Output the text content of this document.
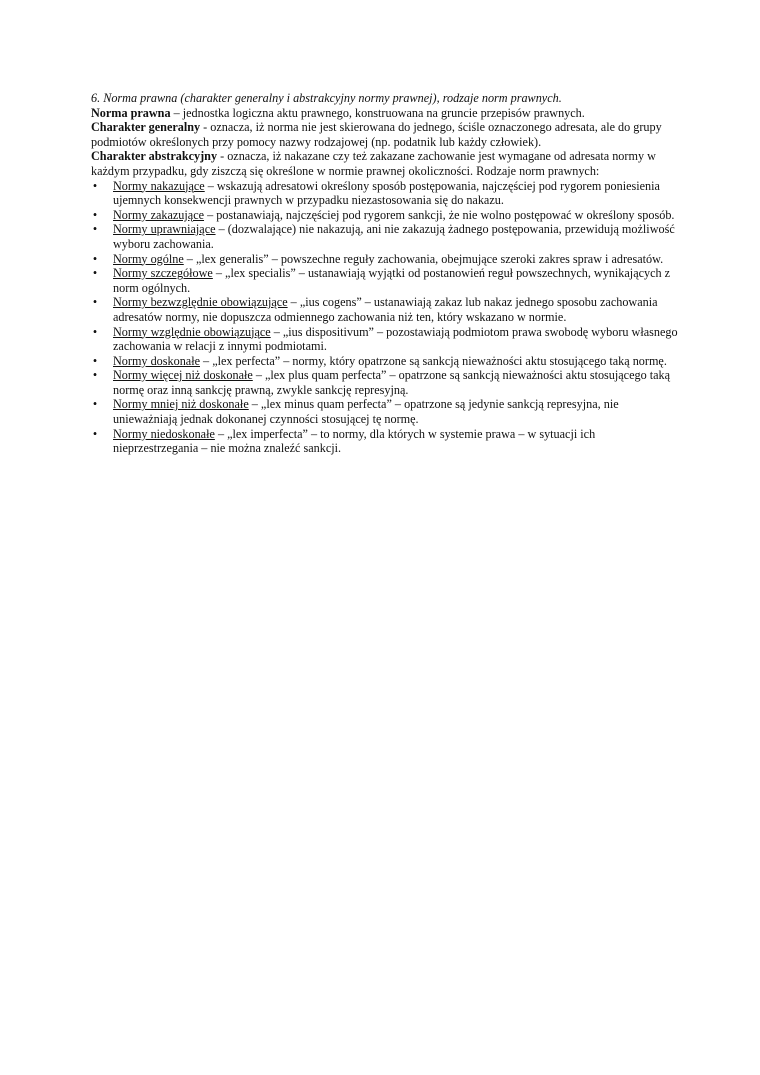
6. Norma prawna (charakter generalny i abstrakcyjny normy prawnej), rodzaje norm prawnych.

Norma prawna – jednostka logiczna aktu prawnego, konstruowana na gruncie przepisów prawnych.

Charakter generalny - oznacza, iż norma nie jest skierowana do jednego, ściśle oznaczonego adresata, ale do grupy podmiotów określonych przy pomocy nazwy rodzajowej (np. podatnik lub każdy człowiek).

Charakter abstrakcyjny - oznacza, iż nakazane czy też zakazane zachowanie jest wymagane od adresata normy w każdym przypadku, gdy ziszczą się określone w normie prawnej okoliczności. Rodzaje norm prawnych:

• Normy nakazujące – wskazują adresatowi określony sposób postępowania, najczęściej pod rygorem poniesienia ujemnych konsekwencji prawnych w przypadku niezastosowania się do nakazu.
• Normy zakazujące – postanawiają, najczęściej pod rygorem sankcji, że nie wolno postępować w określony sposób.
• Normy uprawniające – (dozwalające) nie nakazują, ani nie zakazują żadnego postępowania, przewidują możliwość wyboru zachowania.
• Normy ogólne – „lex generalis” – powszechne reguły zachowania, obejmujące szeroki zakres spraw i adresatów.
• Normy szczegółowe – „lex specialis” – ustanawiają wyjątki od postanowień reguł powszechnych, wynikających z norm ogólnych.
• Normy bezwzględnie obowiązujące – „ius cogens” – ustanawiają zakaz lub nakaz jednego sposobu zachowania adresatów normy, nie dopuszcza odmiennego zachowania niż ten, który wskazano w normie.
• Normy względnie obowiązujące – „ius dispositivum” – pozostawiają podmiotom prawa swobodę wyboru własnego zachowania w relacji z innymi podmiotami.
• Normy doskonałe – „lex perfecta” – normy, który opatrzone są sankcją nieważności aktu stosującego taką normę.
• Normy więcej niż doskonałe – „lex plus quam perfecta” – opatrzone są sankcją nieważności aktu stosującego taką normę oraz inną sankcję prawną, zwykle sankcję represyjną.
• Normy mniej niż doskonałe – „lex minus quam perfecta” – opatrzone są jedynie sankcją represyjna, nie unieważniają jednak dokonanej czynności stosującej tę normę.
• Normy niedoskonałe – „lex imperfecta” – to normy, dla których w systemie prawa – w sytuacji ich nieprzestrzegania – nie można znaleźć sankcji.
